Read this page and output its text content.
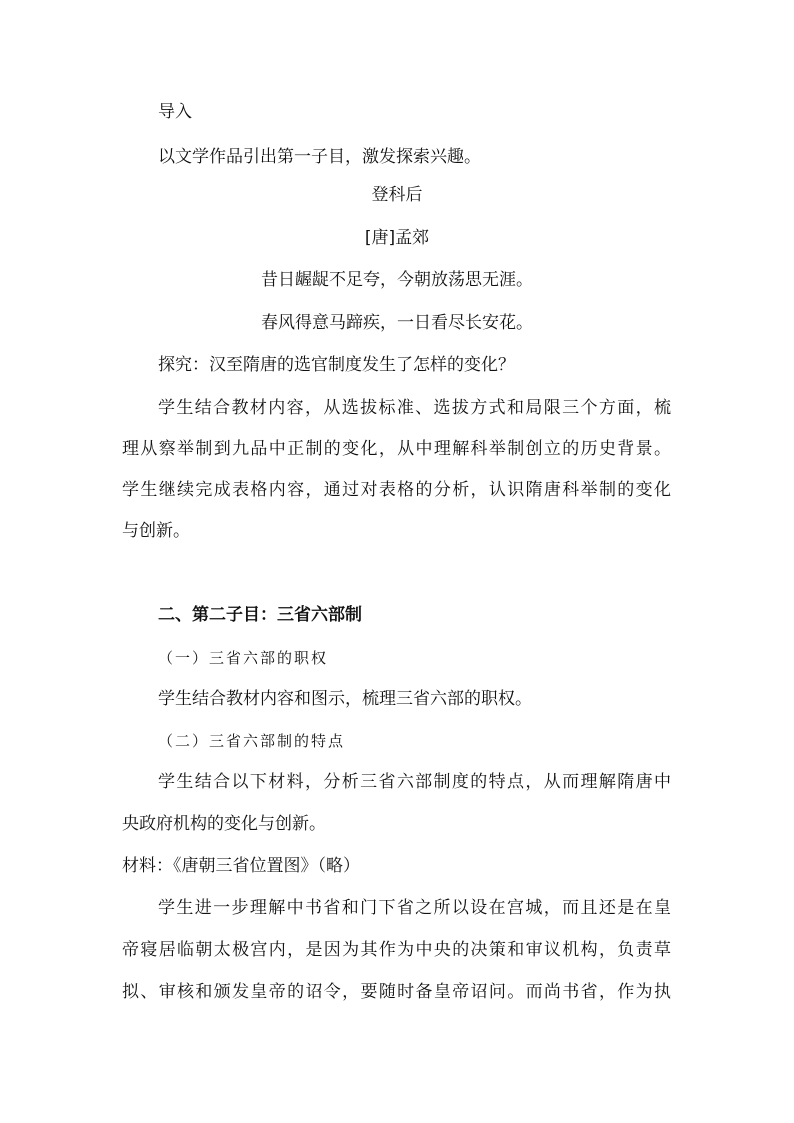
导入

以文学作品引出第一子目，激发探索兴趣。

登科后

[唐]孟郊

昔日龌龊不足夸，今朝放荡思无涯。

春风得意马蹄疾，一日看尽长安花。

探究：汉至隋唐的选官制度发生了怎样的变化？

学生结合教材内容，从选拔标准、选拔方式和局限三个方面，梳

理从察举制到九品中正制的变化，从中理解科举制创立的历史背景。

学生继续完成表格内容，通过对表格的分析，认识隋唐科举制的变化

与创新。

二、第二子目：三省六部制

（一）三省六部的职权

学生结合教材内容和图示，梳理三省六部的职权。

（二）三省六部制的特点

学生结合以下材料，分析三省六部制度的特点，从而理解隋唐中

央政府机构的变化与创新。

材料：《唐朝三省位置图》（略）

学生进一步理解中书省和门下省之所以设在宫城，而且还是在皇

帝寝居临朝太极宫内，是因为其作为中央的决策和审议机构，负责草

拟、审核和颁发皇帝的诏令，要随时备皇帝诏问。而尚书省，作为执
